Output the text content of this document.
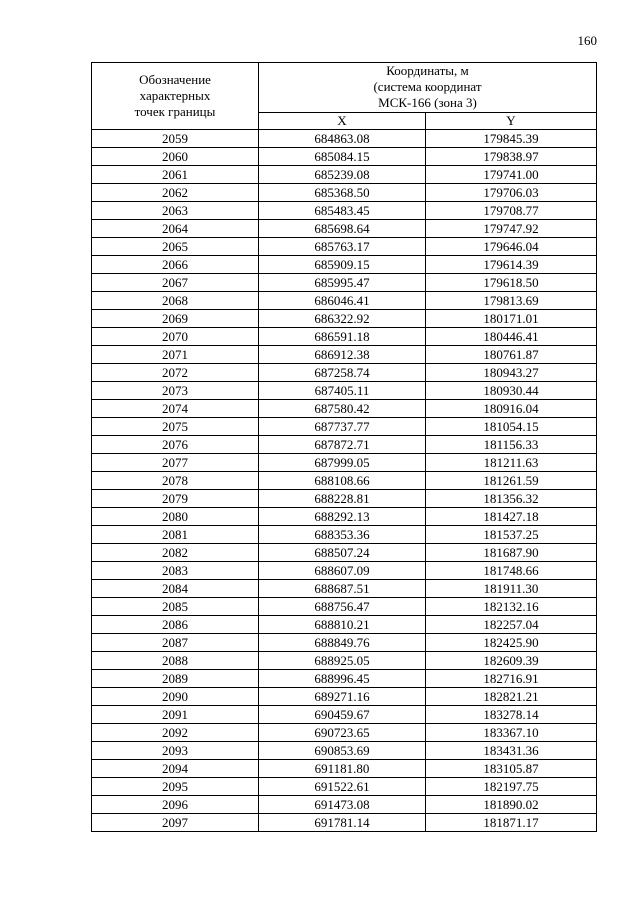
160
Обозначение
характерных
точек границы	Координаты, м
(система координат
МСК-166 (зона 3)	

	X	Y
2059	684863.08	179845.39
2060	685084.15	179838.97
2061	685239.08	179741.00
2062	685368.50	179706.03
2063	685483.45	179708.77
2064	685698.64	179747.92
2065	685763.17	179646.04
2066	685909.15	179614.39
2067	685995.47	179618.50
2068	686046.41	179813.69
2069	686322.92	180171.01
2070	686591.18	180446.41
2071	686912.38	180761.87
2072	687258.74	180943.27
2073	687405.11	180930.44
2074	687580.42	180916.04
2075	687737.77	181054.15
2076	687872.71	181156.33
2077	687999.05	181211.63
2078	688108.66	181261.59
2079	688228.81	181356.32
2080	688292.13	181427.18
2081	688353.36	181537.25
2082	688507.24	181687.90
2083	688607.09	181748.66
2084	688687.51	181911.30
2085	688756.47	182132.16
2086	688810.21	182257.04
2087	688849.76	182425.90
2088	688925.05	182609.39
2089	688996.45	182716.91
2090	689271.16	182821.21
2091	690459.67	183278.14
2092	690723.65	183367.10
2093	690853.69	183431.36
2094	691181.80	183105.87
2095	691522.61	182197.75
2096	691473.08	181890.02
2097	691781.14	181871.17
